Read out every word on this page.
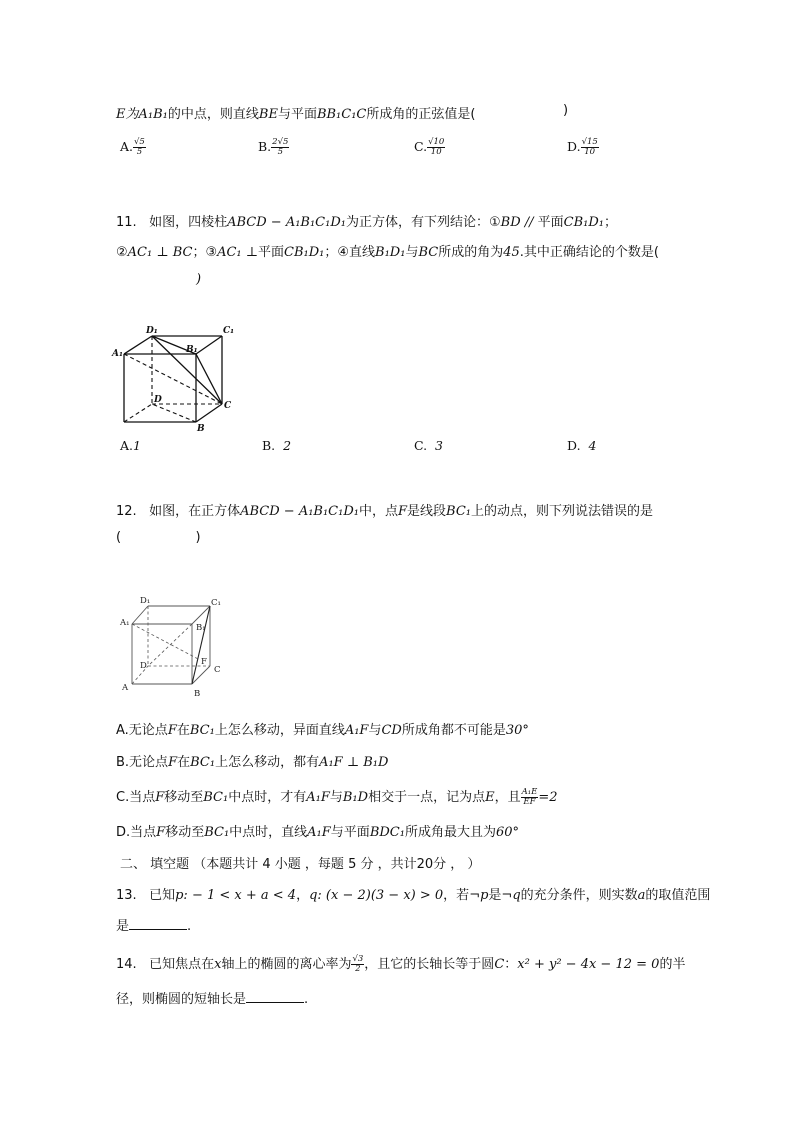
E为A₁B₁的中点，则直线BE与平面BB₁C₁C所成角的正弦值是(	)
A. $\frac{√5}{5}$	B. $\frac{2√5}{5}$	C. $\frac{√10}{10}$	D. $\frac{√15}{10}$
11. 如图，四棱柱ABCD − A₁B₁C₁D₁为正方体，有下列结论：①BD // 平面CB₁D₁；
②AC₁ ⊥ BC；③AC₁ ⊥平面CB₁D₁；④直线B₁D₁与BC所成的角为45.其中正确结论的个数是(
)
D₁	C₁
A₁	B₁
D
C
B
A.1	B. 2	C. 3	D. 4
12. 如图，在正方体ABCD − A₁B₁C₁D₁中，点F是线段BC₁上的动点，则下列说法错误的是
(                  )
D₁	C₁
A₁	B₁
D	F
C
A
B
A.无论点F在BC₁上怎么移动，异面直线A₁F与CD所成角都不可能是30°
B.无论点F在BC₁上怎么移动，都有A₁F ⊥ B₁D
C.当点F移动至BC₁中点时，才有A₁F与B₁D相交于一点，记为点E，且 $\frac{\text{A₁E}}{EF} =2$
D.当点F移动至BC₁中点时，直线A₁F与平面BDC₁所成角最大且为60°
二、 填空题 （本题共计 4 小题 ，每题 5 分 ，共计20分 ， ）
13. 已知p: − 1 < x + a < 4，q: (x − 2)(3 − x) > 0，若¬p是¬q的充分条件，则实数a的取值范围
是	.
14. 已知焦点在x轴上的椭圆的离心率为 $\frac{√3}{2}$ ，且它的长轴长等于圆C：x² + y² − 4x − 12 = 0的半
径，则椭圆的短轴长是	.
